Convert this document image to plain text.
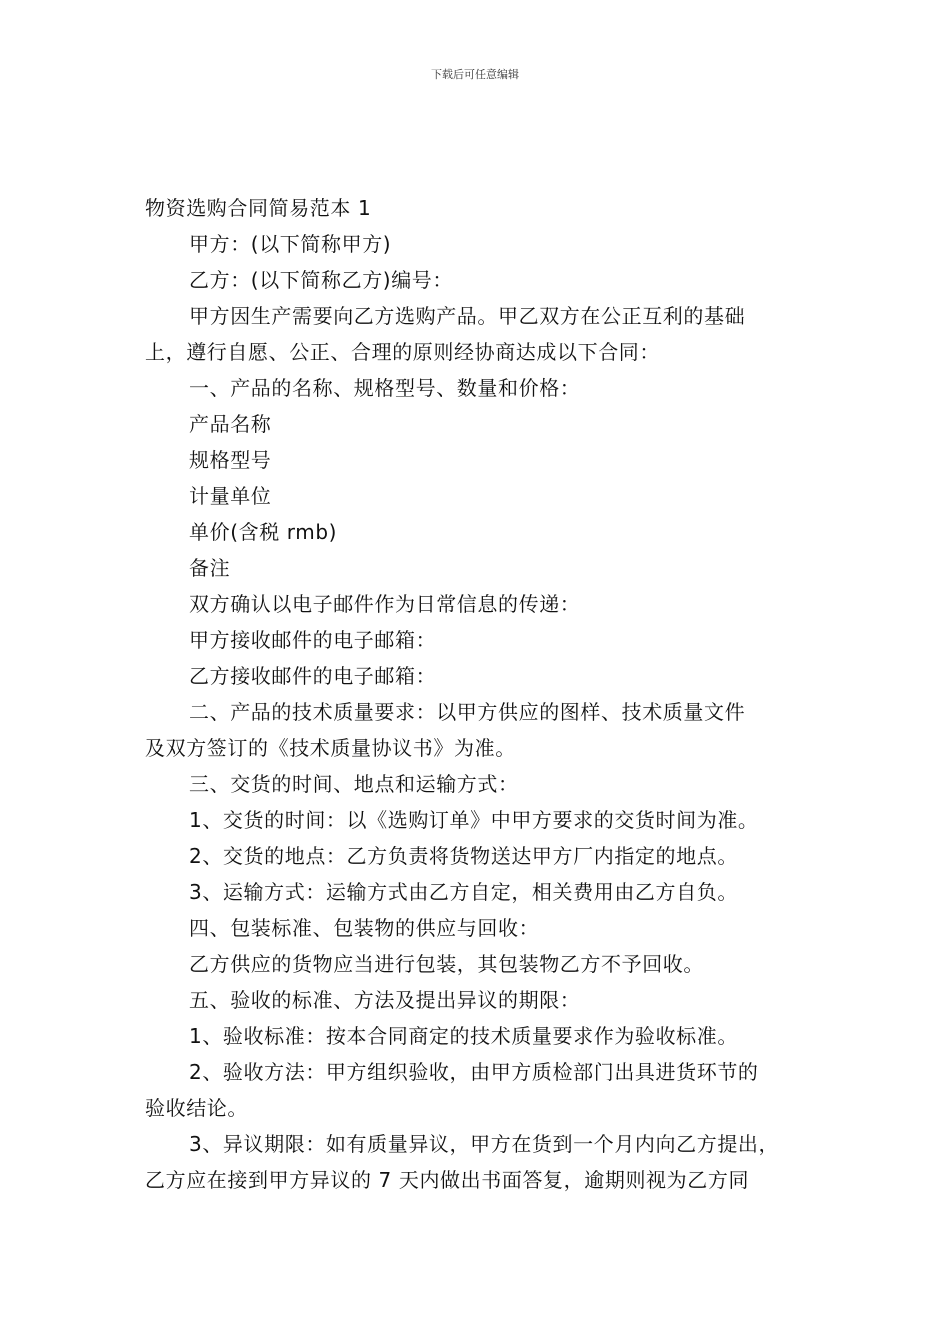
下载后可任意编辑
物资选购合同简易范本 1
甲方：(以下简称甲方)
乙方：(以下简称乙方)编号：
甲方因生产需要向乙方选购产品。甲乙双方在公正互利的基础
上，遵行自愿、公正、合理的原则经协商达成以下合同：
一、产品的名称、规格型号、数量和价格：
产品名称
规格型号
计量单位
单价(含税 rmb)
备注
双方确认以电子邮件作为日常信息的传递：
甲方接收邮件的电子邮箱：
乙方接收邮件的电子邮箱：
二、产品的技术质量要求：以甲方供应的图样、技术质量文件
及双方签订的《技术质量协议书》为准。
三、交货的时间、地点和运输方式：
1、交货的时间：以《选购订单》中甲方要求的交货时间为准。
2、交货的地点：乙方负责将货物送达甲方厂内指定的地点。
3、运输方式：运输方式由乙方自定，相关费用由乙方自负。
四、包装标准、包装物的供应与回收：
乙方供应的货物应当进行包装，其包装物乙方不予回收。
五、验收的标准、方法及提出异议的期限：
1、验收标准：按本合同商定的技术质量要求作为验收标准。
2、验收方法：甲方组织验收，由甲方质检部门出具进货环节的
验收结论。
3、异议期限：如有质量异议，甲方在货到一个月内向乙方提出，
乙方应在接到甲方异议的 7 天内做出书面答复，逾期则视为乙方同
